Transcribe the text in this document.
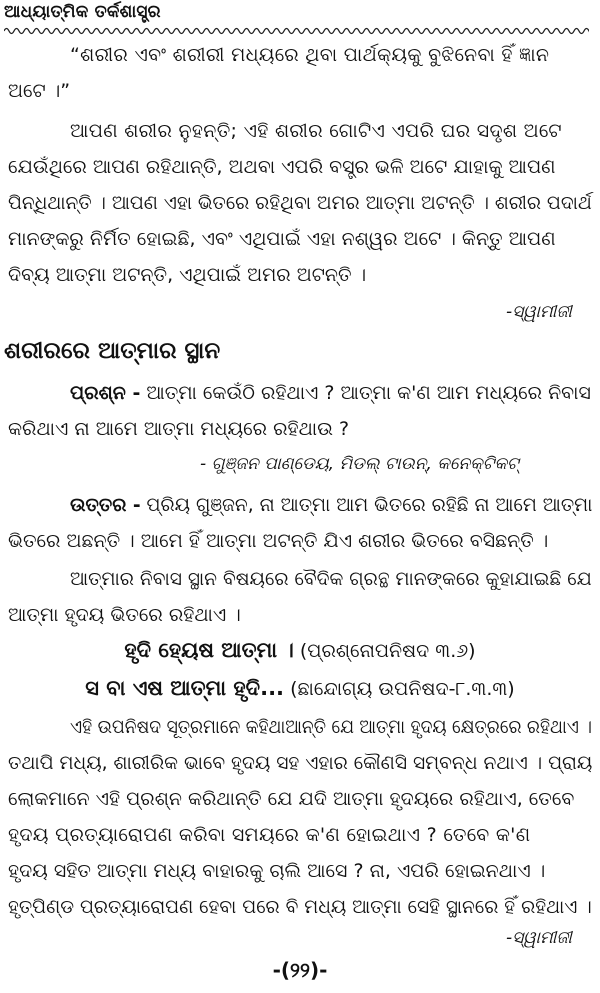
ଆଧ୍ୟାତ୍ମିକ ତର୍କଶାସ୍ତ୍ର
“ଶରୀର ଏବଂ ଶରୀରୀ ମଧ୍ୟରେ ଥିବା ପାର୍ଥକ୍ୟକୁ ବୁଝିନେବା ହିଁ ଜ୍ଞାନ
ଅଟେ ।”
ଆପଣ ଶରୀର ନୁହନ୍ତି; ଏହି ଶରୀର ଗୋଟିଏ ଏପରି ଘର ସଦୃଶ ଅଟେ
ଯେଉଁଥିରେ ଆପଣ ରହିଥାନ୍ତି, ଅଥବା ଏପରି ବସ୍ତ୍ର ଭଳି ଅଟେ ଯାହାକୁ ଆପଣ
ପିନ୍ଧିଥାନ୍ତି । ଆପଣ ଏହା ଭିତରେ ରହିଥିବା ଅମର ଆତ୍ମା ଅଟନ୍ତି । ଶରୀର ପଦାର୍ଥ
ମାନଙ୍କରୁ ନିର୍ମିତ ହୋଇଛି, ଏବଂ ଏଥିପାଇଁ ଏହା ନଶ୍ୱର ଅଟେ । କିନ୍ତୁ ଆପଣ
ଦିବ୍ୟ ଆତ୍ମା ଅଟନ୍ତି, ଏଥିପାଇଁ ଅମର ଅଟନ୍ତି ।
-ସ୍ୱାମୀଜୀ
ଶରୀରରେ ଆତ୍ମାର ସ୍ଥାନ
ପ୍ରଶ୍ନ - ଆତ୍ମା କେଉଁଠି ରହିଥାଏ ? ଆତ୍ମା କ'ଣ ଆମ ମଧ୍ୟରେ ନିବାସ
କରିଥାଏ ନା ଆମେ ଆତ୍ମା ମଧ୍ୟରେ ରହିଥାଉ ?
- ଗୁଞ୍ଜନ ପାଣ୍ଡେୟ, ମିଡଲ୍ ଟାଉନ୍, କନେକ୍ଟିକଟ୍
ଉତ୍ତର - ପ୍ରିୟ ଗୁଞ୍ଜନ, ନା ଆତ୍ମା ଆମ ଭିତରେ ରହିଛି ନା ଆମେ ଆତ୍ମା
ଭିତରେ ଅଛନ୍ତି । ଆମେ ହିଁ ଆତ୍ମା ଅଟନ୍ତି ଯିଏ ଶରୀର ଭିତରେ ବସିଛନ୍ତି ।
ଆତ୍ମାର ନିବାସ ସ୍ଥାନ ବିଷୟରେ ବୈଦିକ ଗ୍ରନ୍ଥ ମାନଙ୍କରେ କୁହାଯାଇଛି ଯେ
ଆତ୍ମା ହୃଦୟ ଭିତରେ ରହିଥାଏ ।
ହୃଦି ହ୍ୟେଷ ଆତ୍ମା । (ପ୍ରଶ୍ନୋପନିଷଦ ୩.୬)
ସ ବା ଏଷ ଆତ୍ମା ହୃଦି... (ଛାନ୍ଦୋଗ୍ୟ ଉପନିଷଦ-୮.୩.୩)
ଏହି ଉପନିଷଦ ସୂତ୍ରମାନେ କହିଥାଆନ୍ତି ଯେ ଆତ୍ମା ହୃଦୟ କ୍ଷେତ୍ରରେ ରହିଥାଏ ।
ତଥାପି ମଧ୍ୟ, ଶାରୀରିକ ଭାବେ ହୃଦୟ ସହ ଏହାର କୌଣସି ସମ୍ବନ୍ଧ ନଥାଏ । ପ୍ରାୟ
ଲୋକମାନେ ଏହି ପ୍ରଶ୍ନ କରିଥାନ୍ତି ଯେ ଯଦି ଆତ୍ମା ହୃଦୟରେ ରହିଥାଏ, ତେବେ
ହୃଦୟ ପ୍ରତ୍ୟାରୋପଣ କରିବା ସମୟରେ କ'ଣ ହୋଇଥାଏ ? ତେବେ କ'ଣ
ହୃଦୟ ସହିତ ଆତ୍ମା ମଧ୍ୟ ବାହାରକୁ ଚାଲି ଆସେ ? ନା, ଏପରି ହୋଇନଥାଏ ।
ହୃତ୍‌ପିଣ୍ଡ ପ୍ରତ୍ୟାରୋପଣ ହେବା ପରେ ବି ମଧ୍ୟ ଆତ୍ମା ସେହି ସ୍ଥାନରେ ହିଁ ରହିଥାଏ ।
-ସ୍ୱାମୀଜୀ
-(୨୨)-
